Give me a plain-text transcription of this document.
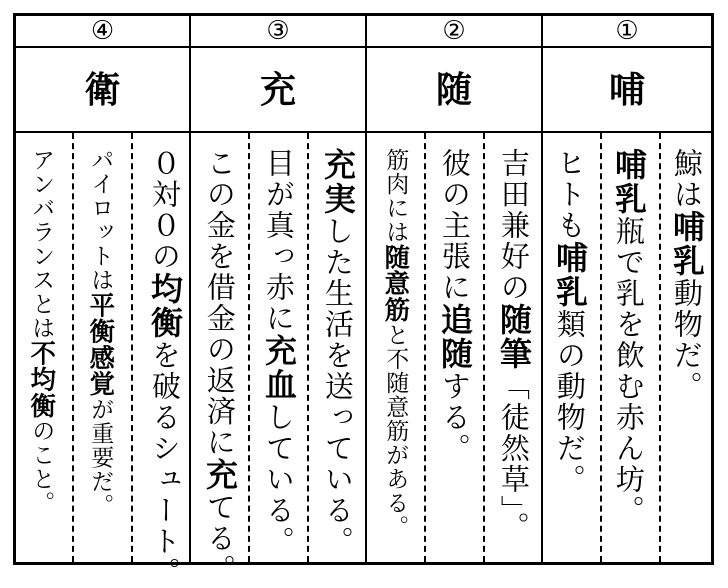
④
衛
０対０の均衡を破るシュート。
パイロットは平衡感覚が重要だ。
アンバランスとは不均衡のこと。
③
充
充実した生活を送っている。
目が真っ赤に充血している。
この金を借金の返済に充てる。
②
随
吉田兼好の随筆「徒然草」。
彼の主張に追随する。
筋肉には随意筋と不随意筋がある。
①
哺
鯨は哺乳動物だ。
哺乳瓶で乳を飲む赤ん坊。
ヒトも哺乳類の動物だ。
